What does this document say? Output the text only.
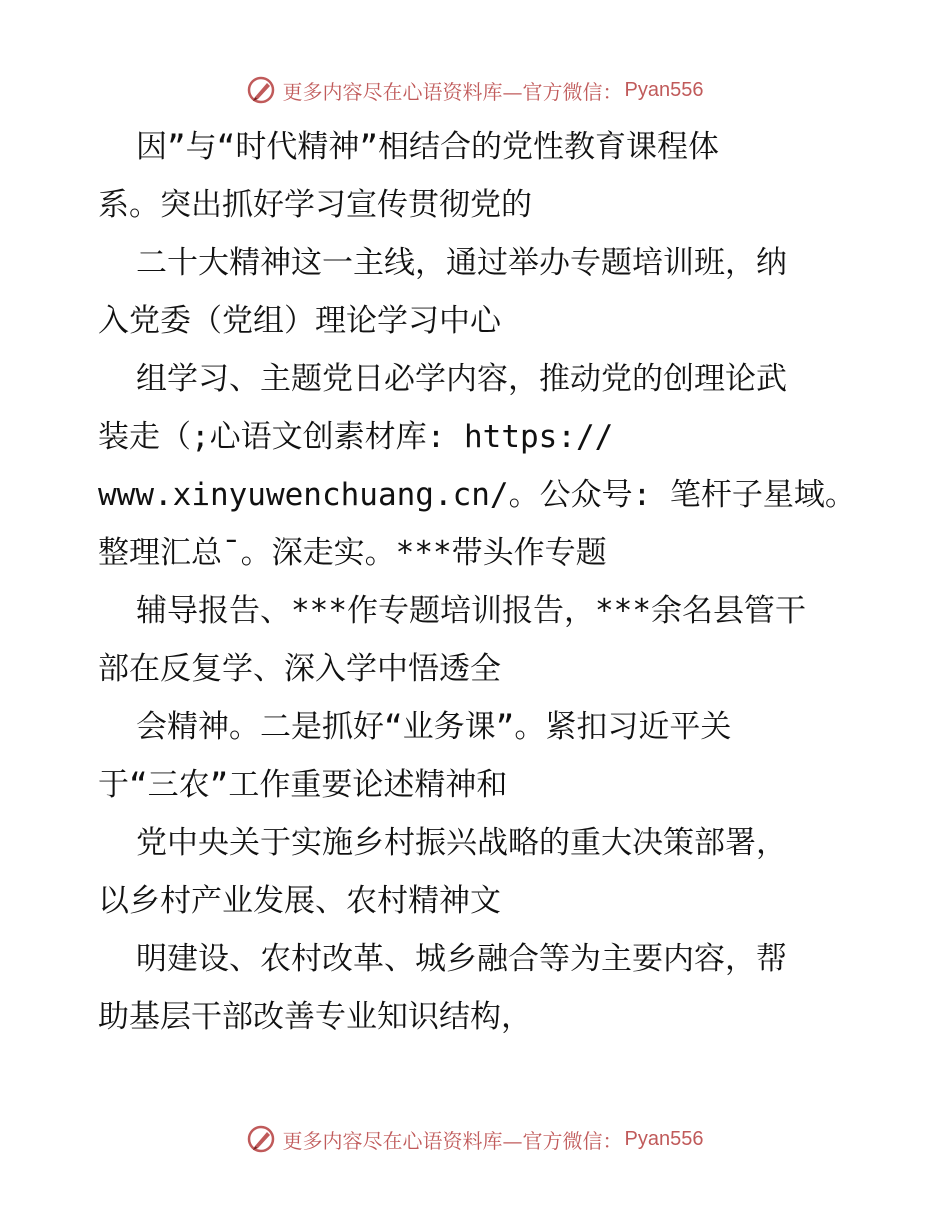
更多内容尽在心语资料库—官方微信： Pyan556
因”与“时代精神”相结合的党性教育课程体
系。突出抓好学习宣传贯彻党的
二十大精神这一主线，通过举办专题培训班，纳
入党委（党组）理论学习中心
组学习、主题党日必学内容，推动党的创理论武
装走（;心语文创素材库: https://
www.xinyuwenchuang.cn/。公众号: 笔杆子星域。
整理汇总¯。深走实。***带头作专题
辅导报告、***作专题培训报告，***余名县管干
部在反复学、深入学中悟透全
会精神。二是抓好“业务课”。紧扣习近平关
于“三农”工作重要论述精神和
党中央关于实施乡村振兴战略的重大决策部署，
以乡村产业发展、农村精神文
明建设、农村改革、城乡融合等为主要内容，帮
助基层干部改善专业知识结构，
更多内容尽在心语资料库—官方微信： Pyan556
